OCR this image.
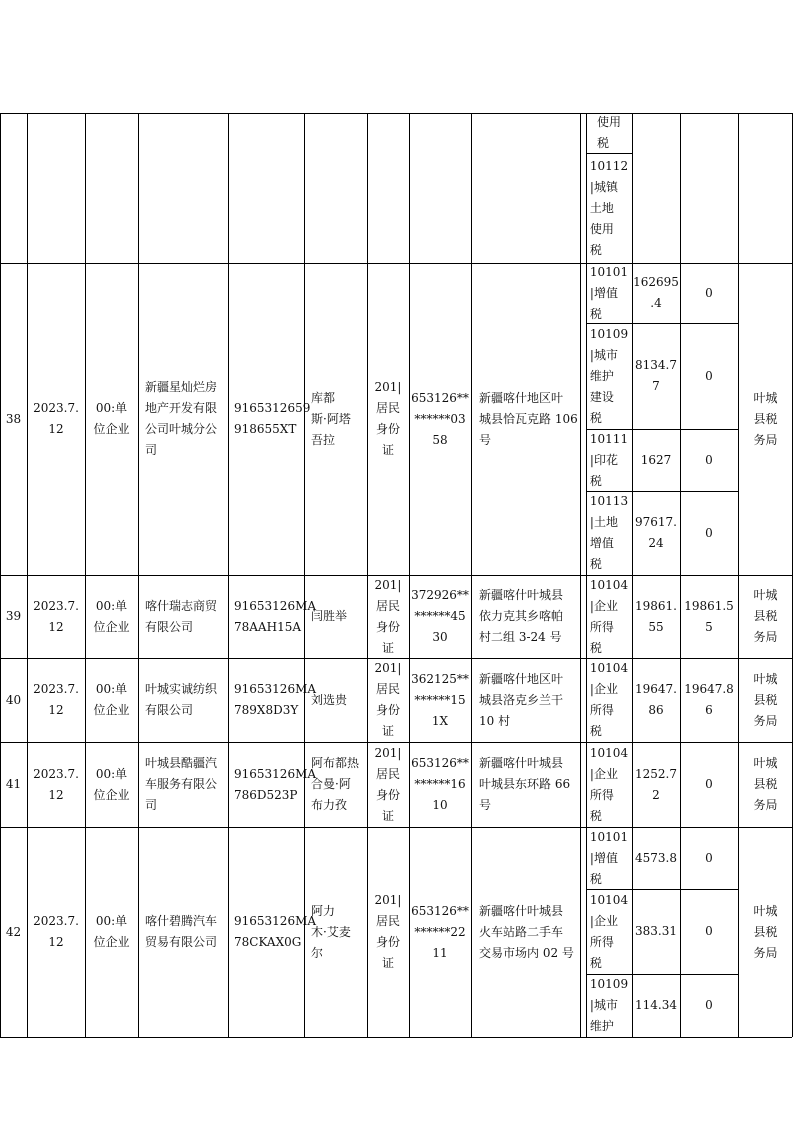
使用
税
10112
|城镇
土地
使用
税
38
2023.7.
12
00:单
位企业
新疆星灿烂房
地产开发有限
公司叶城分公
司
9165312659
918655XT
库都
斯·阿塔
吾拉
201|
居民
身份
证
653126**
******03
58
新疆喀什地区叶
城县恰瓦克路 106
号
10101
|增值
税
162695
.4
0
10109
|城市
维护
建设
税
8134.7
7
0
10111
|印花
税
1627	0
10113
|土地
增值
税
97617.
24
0
叶城
县税
务局
39
2023.7.
12
00:单
位企业
喀什瑞志商贸
有限公司
91653126MA
78AAH15A
闫胜举
201|
居民
身份
证
372926**
******45
30
新疆喀什叶城县
依力克其乡喀帕
村二组 3-24 号
10104
|企业
所得
税
19861.
55
19861.5
5
叶城
县税
务局
40
2023.7.
12
00:单
位企业
叶城实诚纺织
有限公司
91653126MA
789X8D3Y
刘选贵
201|
居民
身份
证
362125**
******15
1X
新疆喀什地区叶
城县洛克乡兰干
10 村
10104
|企业
所得
税
19647.
86
19647.8
6
叶城
县税
务局
41
2023.7.
12
00:单
位企业
叶城县酷疆汽
车服务有限公
司
91653126MA
786D523P
阿布都热
合曼·阿
布力孜
201|
居民
身份
证
653126**
******16
10
新疆喀什叶城县
叶城县东环路 66
号
10104
|企业
所得
税
1252.7
2
0
叶城
县税
务局
42
2023.7.
12
00:单
位企业
喀什碧腾汽车
贸易有限公司
91653126MA
78CKAX0G
阿力
木·艾麦
尔
201|
居民
身份
证
653126**
******22
11
新疆喀什叶城县
火车站路二手车
交易市场内 02 号
10101
|增值
税
4573.8 0
10104
|企业
所得
税
383.31 0
10109
|城市
维护
114.34 0
叶城
县税
务局
